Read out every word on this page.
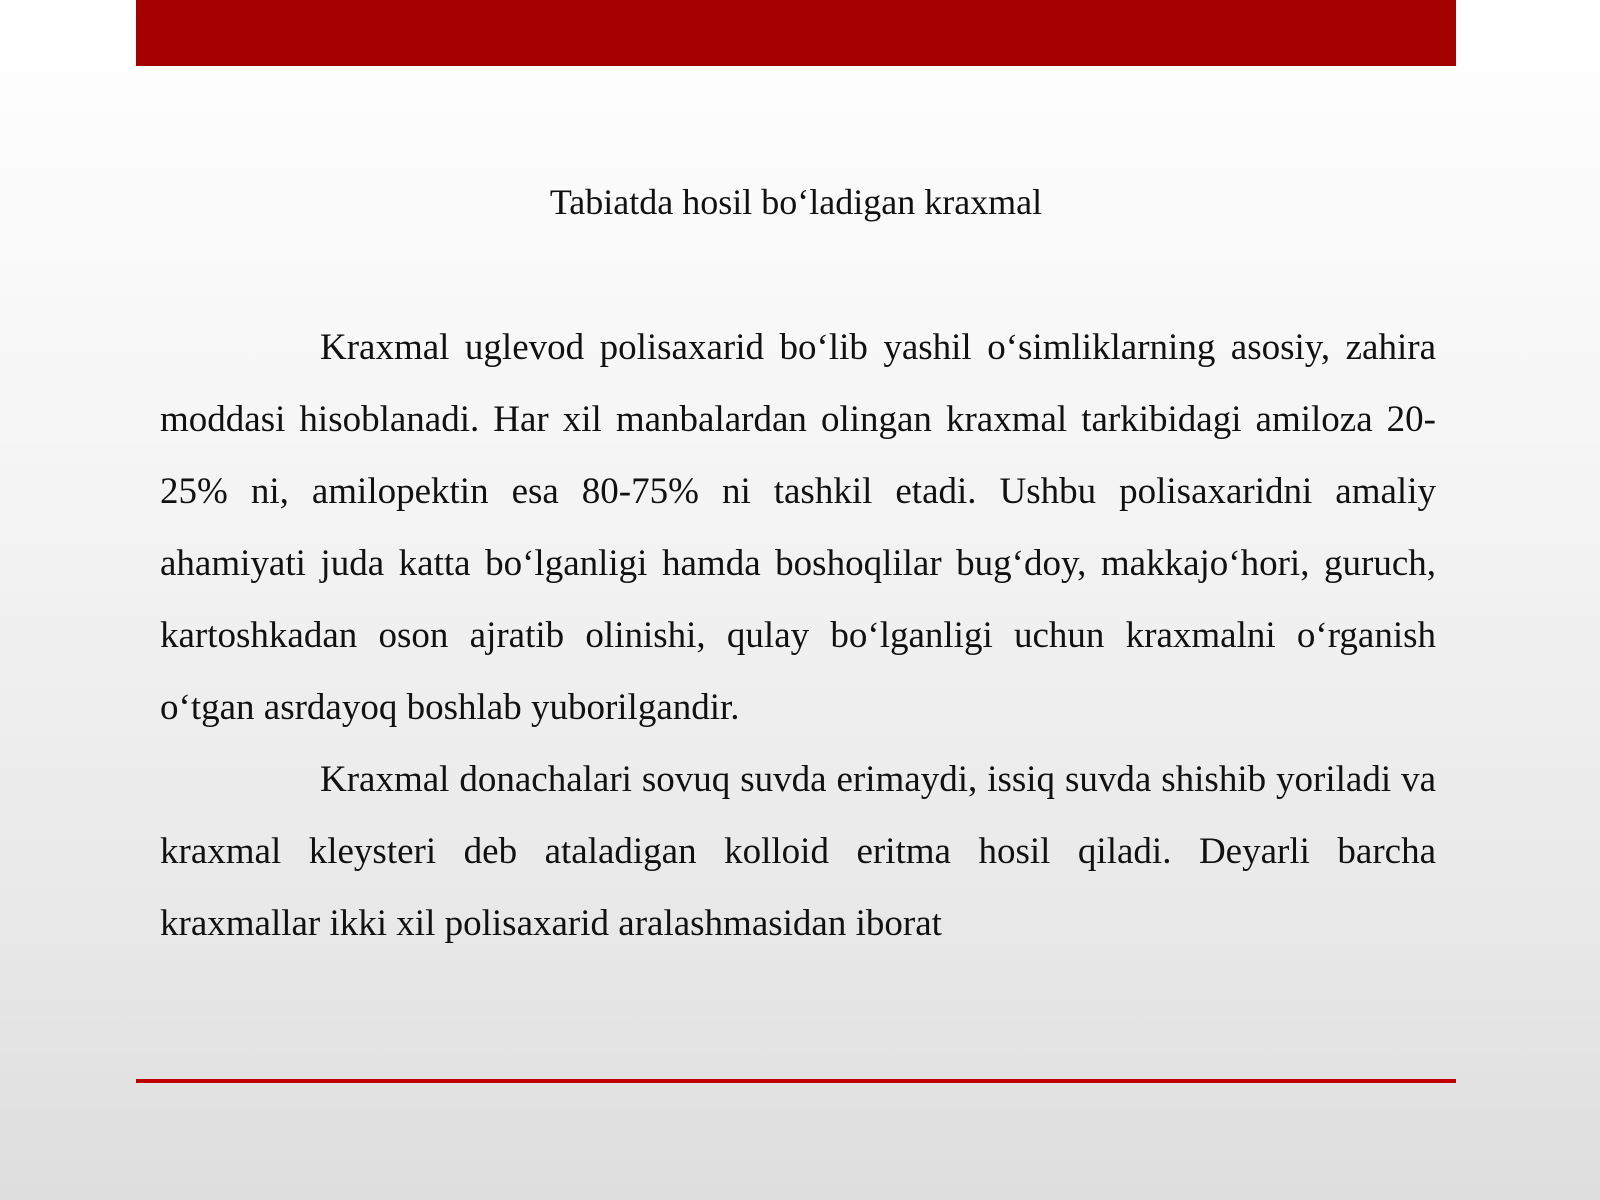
Tabiatda hosil bo‘ladigan kraxmal

Kraxmal uglevod polisaxarid bo‘lib yashil o‘simliklarning asosiy, zahira moddasi hisoblanadi. Har xil manbalardan olingan kraxmal tarkibidagi amiloza 20-25% ni, amilopektin esa 80-75% ni tashkil etadi. Ushbu polisaxaridni amaliy ahamiyati juda katta bo‘lganligi hamda boshoqlilar bug‘doy, makkajo‘hori, guruch, kartoshkadan oson ajratib olinishi, qulay bo‘lganligi uchun kraxmalni o‘rganish o‘tgan asrdayoq boshlab yuborilgandir.

Kraxmal donachalari sovuq suvda erimaydi, issiq suvda shishib yoriladi va kraxmal kleysteri deb ataladigan kolloid eritma hosil qiladi. Deyarli barcha kraxmallar ikki xil polisaxarid aralashmasidan iborat
